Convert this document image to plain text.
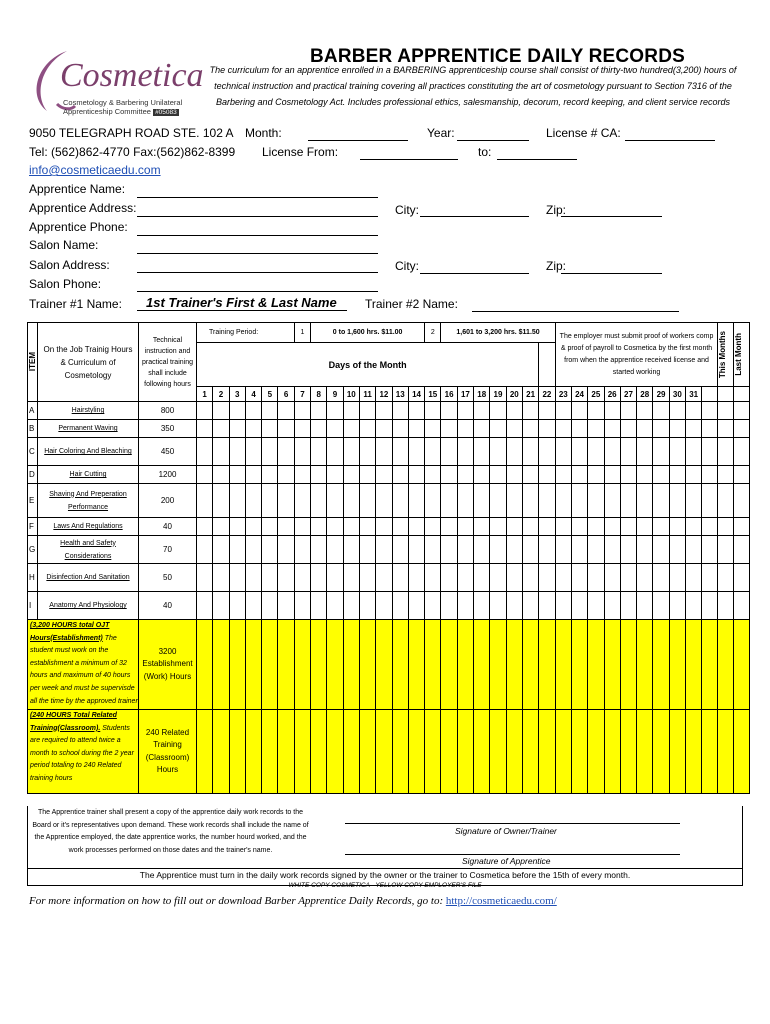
Cosmetica
Cosmetology & Barbering Unilateral
Apprenticeship Committee #05083
BARBER APPRENTICE DAILY RECORDS
The curriculum for an apprentice enrolled in a BARBERING apprenticeship course shall consist of thirty-two hundred(3,200) hours of technical instruction and practical training covering all practices constituting the art of cosmetology pursuant to Section 7316 of the Barbering and Cosmetology Act. Includes professional ethics, salesmanship, decorum, record keeping, and client service records
9050 TELEGRAPH ROAD STE. 102 A Month:	Year:	License # CA:
Tel: (562)862-4770 Fax:(562)862-8399 License From:	to:
info@cosmeticaedu.com
Apprentice Name:
Apprentice Address:	City:	Zip:
Apprentice Phone:
Salon Name:
Salon Address:	City:	Zip:
Salon Phone:
Trainer #1 Name:	1st Trainer's First & Last Name	Trainer #2 Name:
ITEM	On the Job Trainig Hours & Curriculum of Cosmetology	Technical instruction and practical training shall include following hours	Training Period:						1	0 to 1,600 hrs. $11.00							2	1,601 to 3,200 hrs. $11.50							The employer must submit proof of workers comp & proof of payroll to Cosmetica by the first month from when the apprentice received license and started working										This Months	Last Month

			Days of the Month																																		
			1	2	3	4	5	6	7	8	9	10	11	12	13	14	15	16	17	18	19	20	21	22	23	24	25	26	27	28	29	30	31				
A	Hairstyling	800																																			
B	Permanent Waving	350																																			
C	Hair Coloring And Bleaching	450																																			
D	Hair Cutting	1200																																			
E	Shaving And Preperation Performance	200																																			
F	Laws And Regulations	40																																			
G	Health and Safety Considerations	70																																			
H	Disinfection And Sanitation	50																																			
I	Anatomy And Physiology	40																																			
(3,200 HOURS total OJT Hours(Establishment) The student must work on the establishment a minimum of 32 hours and maximum of 40 hours per week and must be supervisde all the time by the approved trainer		3200 Establishment (Work) Hours																																			
(240 HOURS Total Related Training(Classroom). Students are required to attend twice a month to school during the 2 year period totaling to 240 Related training hours		240 Related Training (Classroom) Hours																																			
The Apprentice trainer shall present a copy of the apprentice daily work records to the Board or it's representatives upon demand. These work records shall include the name of the Apprentice employed, the date apprentice works, the number hourd worked, and the work processes performed on those dates and the trainer's name.
Signature of Owner/Trainer
Signature of Apprentice
The Apprentice must turn in the daily work records signed by the owner or the trainer to Cosmetica before the 15th of every month.
WHITE COPY COSMETICA - YELLOW COPY EMPLOYER'S FILE
For more information on how to fill out or download Barber Apprentice Daily Records, go to: http://cosmeticaedu.com/
